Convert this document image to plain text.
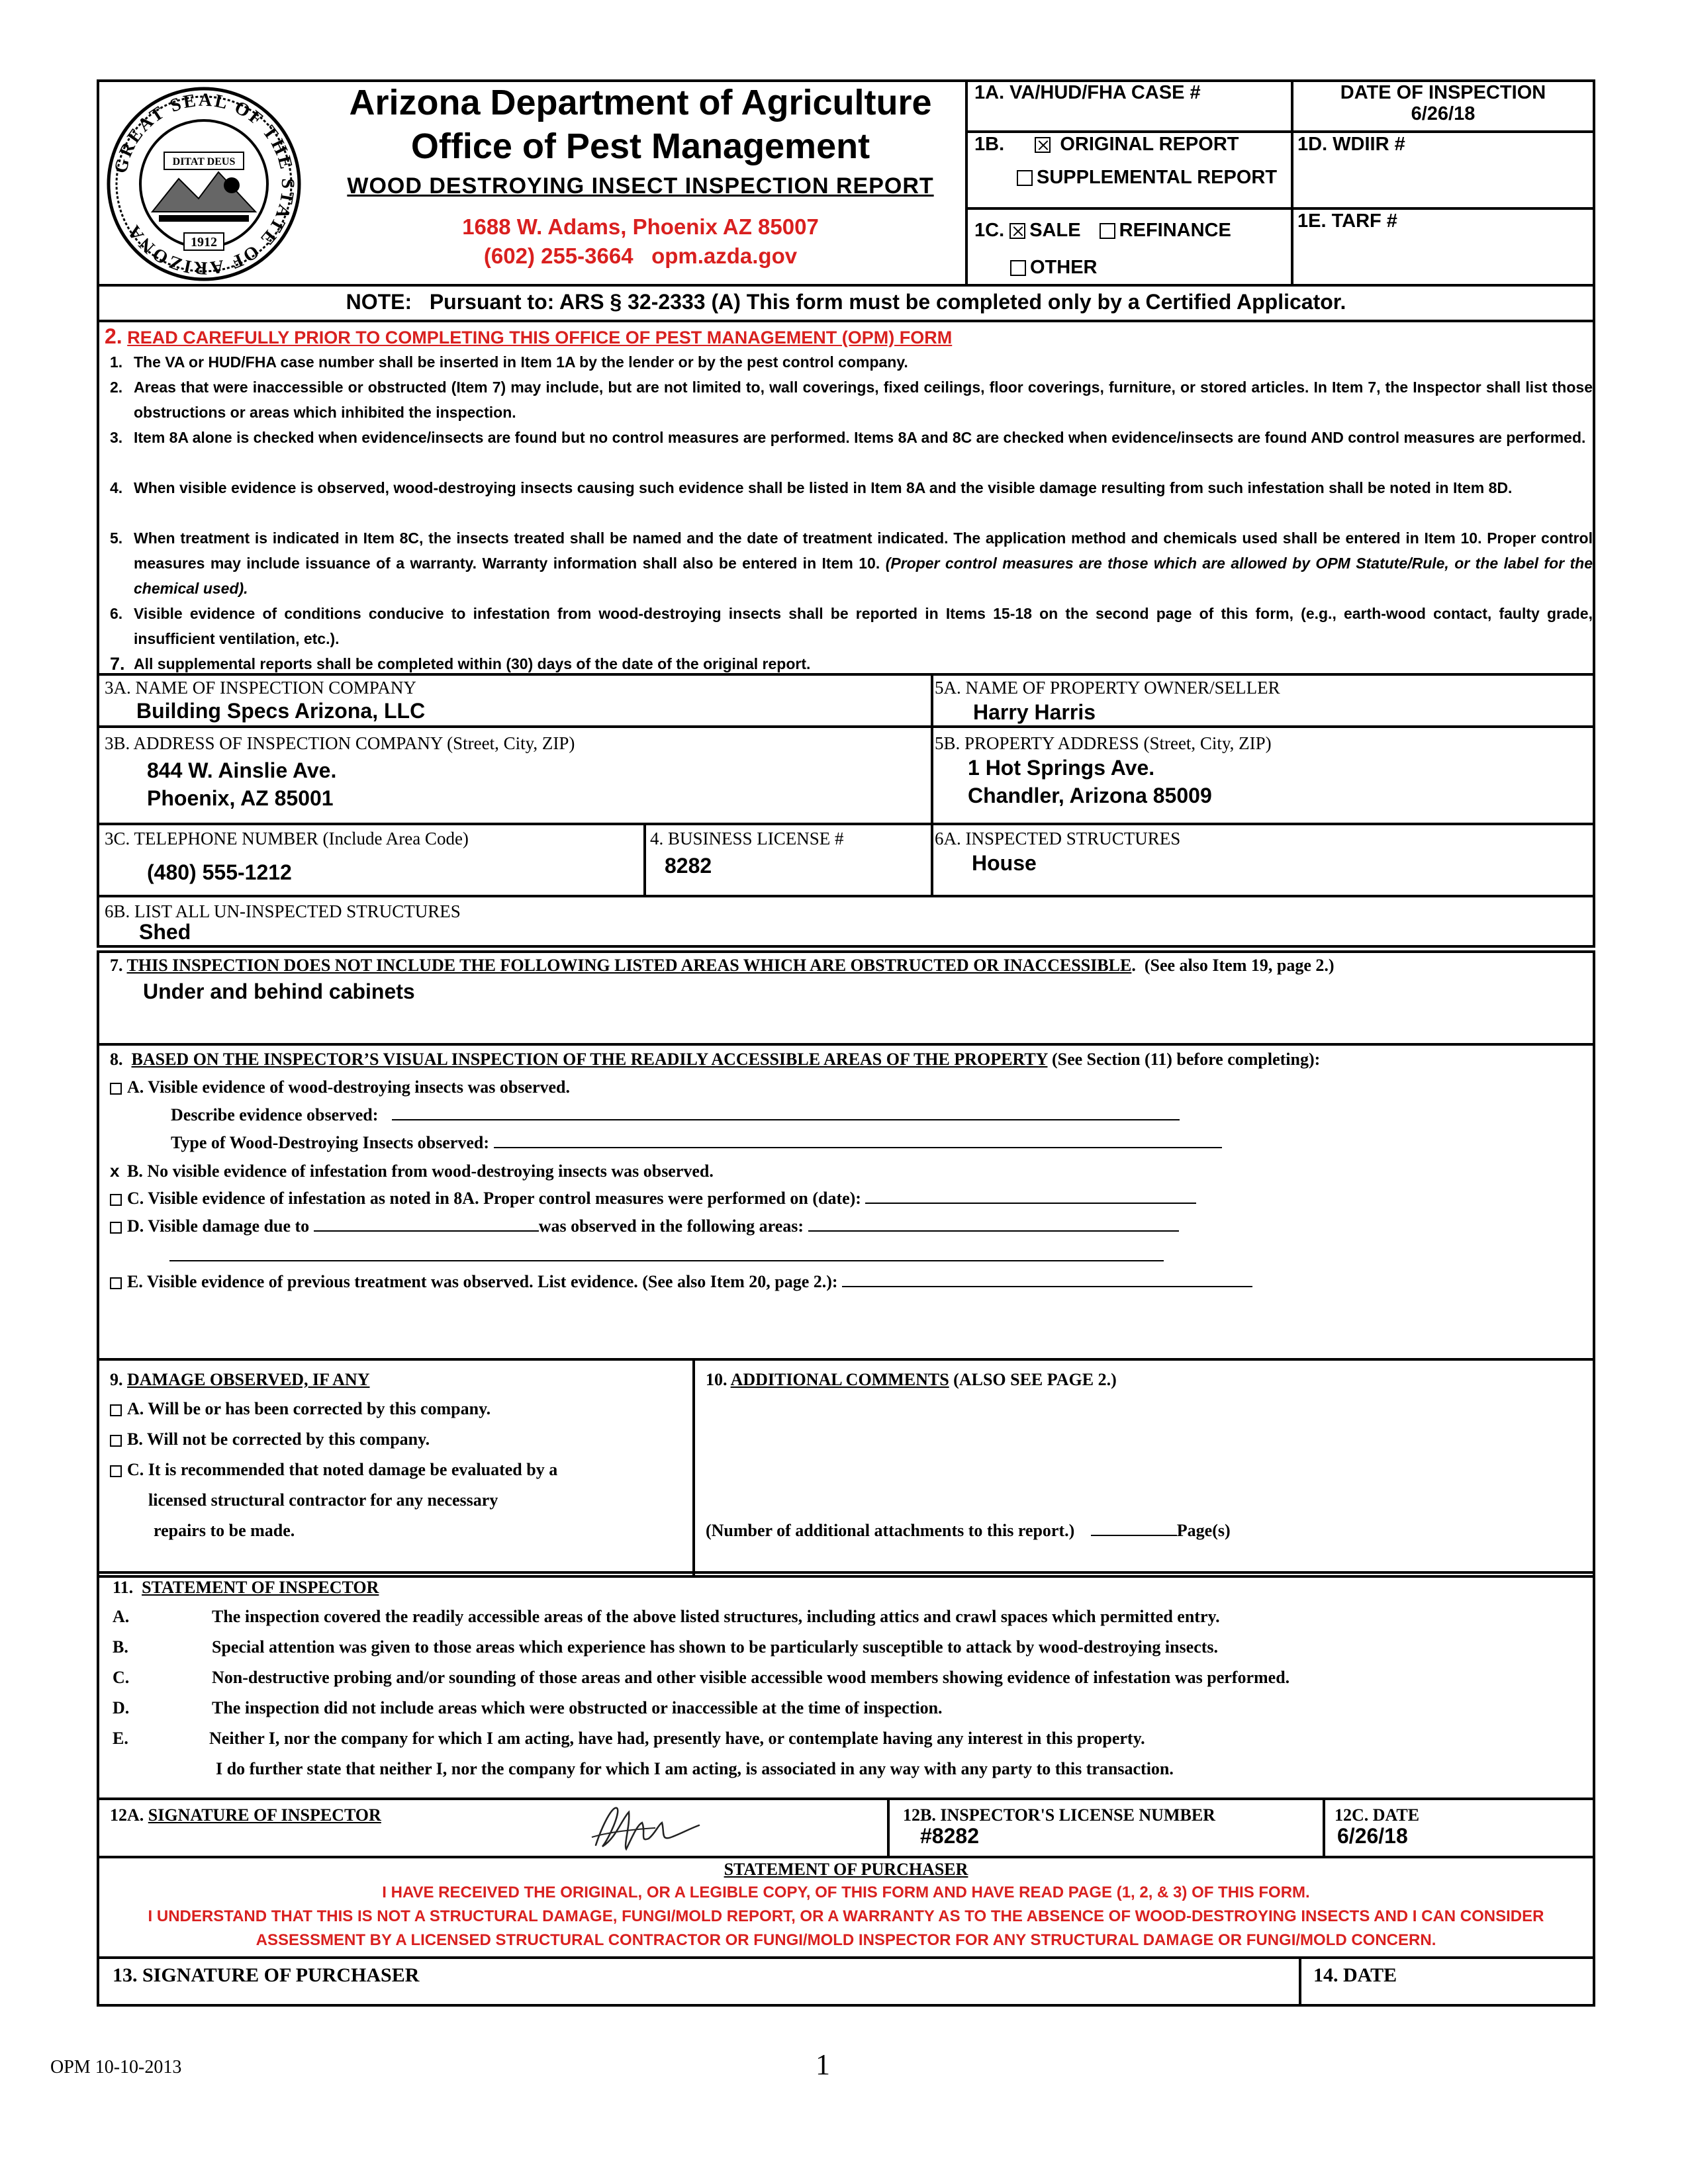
GREAT SEAL OF THE STATE OF ARIZONA
DITAT DEUS
1912
Arizona Department of Agriculture
Office of Pest Management
WOOD DESTROYING INSECT INSPECTION REPORT
1688 W. Adams, Phoenix AZ 85007
(602) 255-3664   opm.azda.gov
1A. VA/HUD/FHA CASE #	DATE OF INSPECTION
6/26/18
1B.	ORIGINAL REPORT
SUPPLEMENTAL REPORT
1D. WDIIR #
1C. SALE REFINANCE
OTHER
1E. TARF #
NOTE:   Pursuant to: ARS § 32-2333 (A) This form must be completed only by a Certified Applicator.
2. READ CAREFULLY PRIOR TO COMPLETING THIS OFFICE OF PEST MANAGEMENT (OPM) FORM
1. The VA or HUD/FHA case number shall be inserted in Item 1A by the lender or by the pest control company.
2. Areas that were inaccessible or obstructed (Item 7) may include, but are not limited to, wall coverings, fixed ceilings, floor coverings, furniture, or stored articles. In Item 7, the Inspector shall list those obstructions or areas which inhibited the inspection.
3. Item 8A alone is checked when evidence/insects are found but no control measures are performed. Items 8A and 8C are checked when evidence/insects are found AND control measures are performed.
4. When visible evidence is observed, wood-destroying insects causing such evidence shall be listed in Item 8A and the visible damage resulting from such infestation shall be noted in Item 8D.
5. When treatment is indicated in Item 8C, the insects treated shall be named and the date of treatment indicated. The application method and chemicals used shall be entered in Item 10. Proper control measures may include issuance of a warranty. Warranty information shall also be entered in Item 10. (Proper control measures are those which are allowed by OPM Statute/Rule, or the label for the chemical used).
6. Visible evidence of conditions conducive to infestation from wood-destroying insects shall be reported in Items 15-18 on the second page of this form, (e.g., earth-wood contact, faulty grade, insufficient ventilation, etc.).
7. All supplemental reports shall be completed within (30) days of the date of the original report.
3A. NAME OF INSPECTION COMPANY
Building Specs Arizona, LLC
5A. NAME OF PROPERTY OWNER/SELLER
Harry Harris
3B. ADDRESS OF INSPECTION COMPANY (Street, City, ZIP)
844 W. Ainslie Ave.
Phoenix, AZ 85001
5B. PROPERTY ADDRESS (Street, City, ZIP)
1 Hot Springs Ave.
Chandler, Arizona 85009
3C. TELEPHONE NUMBER (Include Area Code)
(480) 555-1212
4. BUSINESS LICENSE #
8282
6A. INSPECTED STRUCTURES
House
6B. LIST ALL UN-INSPECTED STRUCTURES
Shed
7. THIS INSPECTION DOES NOT INCLUDE THE FOLLOWING LISTED AREAS WHICH ARE OBSTRUCTED OR INACCESSIBLE.  (See also Item 19, page 2.)
Under and behind cabinets
8. BASED ON THE INSPECTOR’S VISUAL INSPECTION OF THE READILY ACCESSIBLE AREAS OF THE PROPERTY (See Section (11) before completing):
A. Visible evidence of wood-destroying insects was observed.
Describe evidence observed:
Type of Wood-Destroying Insects observed:
x B. No visible evidence of infestation from wood-destroying insects was observed.
C. Visible evidence of infestation as noted in 8A. Proper control measures were performed on (date):
D. Visible damage due to	was observed in the following areas:
E. Visible evidence of previous treatment was observed. List evidence. (See also Item 20, page 2.):
9. DAMAGE OBSERVED, IF ANY
A. Will be or has been corrected by this company.
B. Will not be corrected by this company.
C. It is recommended that noted damage be evaluated by a
licensed structural contractor for any necessary
repairs to be made.
10. ADDITIONAL COMMENTS (ALSO SEE PAGE 2.)
(Number of additional attachments to this report.)	Page(s)
11. STATEMENT OF INSPECTOR
A.	The inspection covered the readily accessible areas of the above listed structures, including attics and crawl spaces which permitted entry.
B.	Special attention was given to those areas which experience has shown to be particularly susceptible to attack by wood-destroying insects.
C.	Non-destructive probing and/or sounding of those areas and other visible accessible wood members showing evidence of infestation was performed.
D.	The inspection did not include areas which were obstructed or inaccessible at the time of inspection.
E.	Neither I, nor the company for which I am acting, have had, presently have, or contemplate having any interest in this property.
I do further state that neither I, nor the company for which I am acting, is associated in any way with any party to this transaction.
12A. SIGNATURE OF INSPECTOR	12B. INSPECTOR'S LICENSE NUMBER
#8282
12C. DATE
6/26/18
STATEMENT OF PURCHASER
I HAVE RECEIVED THE ORIGINAL, OR A LEGIBLE COPY, OF THIS FORM AND HAVE READ PAGE (1, 2, & 3) OF THIS FORM.
I UNDERSTAND THAT THIS IS NOT A STRUCTURAL DAMAGE, FUNGI/MOLD REPORT, OR A WARRANTY AS TO THE ABSENCE OF WOOD-DESTROYING INSECTS AND I CAN CONSIDER
ASSESSMENT BY A LICENSED STRUCTURAL CONTRACTOR OR FUNGI/MOLD INSPECTOR FOR ANY STRUCTURAL DAMAGE OR FUNGI/MOLD CONCERN.
13. SIGNATURE OF PURCHASER	14. DATE
OPM 10-10-2013	1
